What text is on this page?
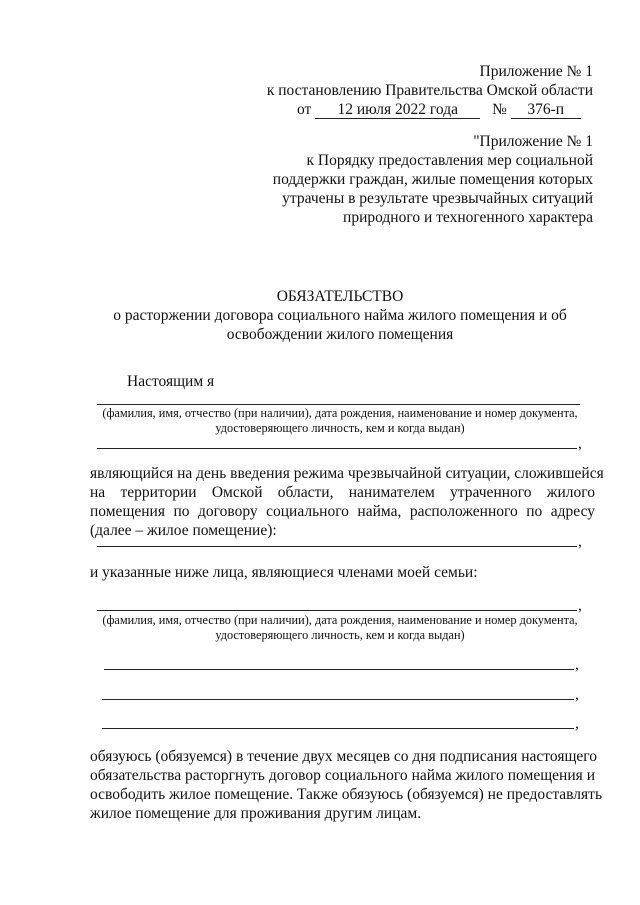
Приложение № 1
к постановлению Правительства Омской области
от 12 июля 2022 года № 376-п
"Приложение № 1
к Порядку предоставления мер социальной
поддержки граждан, жилые помещения которых
утрачены в результате чрезвычайных ситуаций
природного и техногенного характера
ОБЯЗАТЕЛЬСТВО
о расторжении договора социального найма жилого помещения и об
освобождении жилого помещения
Настоящим я
(фамилия, имя, отчество (при наличии), дата рождения, наименование и номер документа,
удостоверяющего личность, кем и когда выдан)
,
являющийся на день введения режима чрезвычайной ситуации, сложившейся
на территории Омской области, нанимателем утраченного жилого
помещения по договору социального найма, расположенного по адресу
(далее – жилое помещение):
,
и указанные ниже лица, являющиеся членами моей семьи:
,
(фамилия, имя, отчество (при наличии), дата рождения, наименование и номер документа,
удостоверяющего личность, кем и когда выдан)
,
,
,
обязуюсь (обязуемся) в течение двух месяцев со дня подписания настоящего
обязательства расторгнуть договор социального найма жилого помещения и
освободить жилое помещение. Также обязуюсь (обязуемся) не предоставлять
жилое помещение для проживания другим лицам.
